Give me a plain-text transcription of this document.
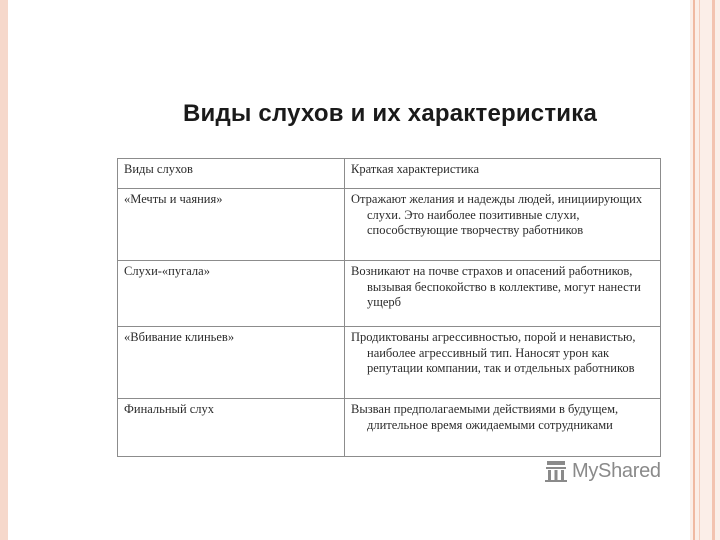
Виды слухов и их характеристика
Виды слухов	Краткая характеристика
«Мечты и чаяния»	Отражают желания и надежды людей, инициирующих слухи. Это наиболее позитивные слухи, способствующие творчеству работников
Слухи-«пугала»	Возникают на почве страхов и опасений работников, вызывая беспокойство в коллективе, могут нанести ущерб
«Вбивание клиньев»	Продиктованы агрессивностью, порой и ненавистью, наиболее агрессивный тип. Наносят урон как репутации компании, так и отдельных работников
Финальный слух	Вызван предполагаемыми действиями в будущем, длительное время ожидаемыми сотрудниками
MyShared
